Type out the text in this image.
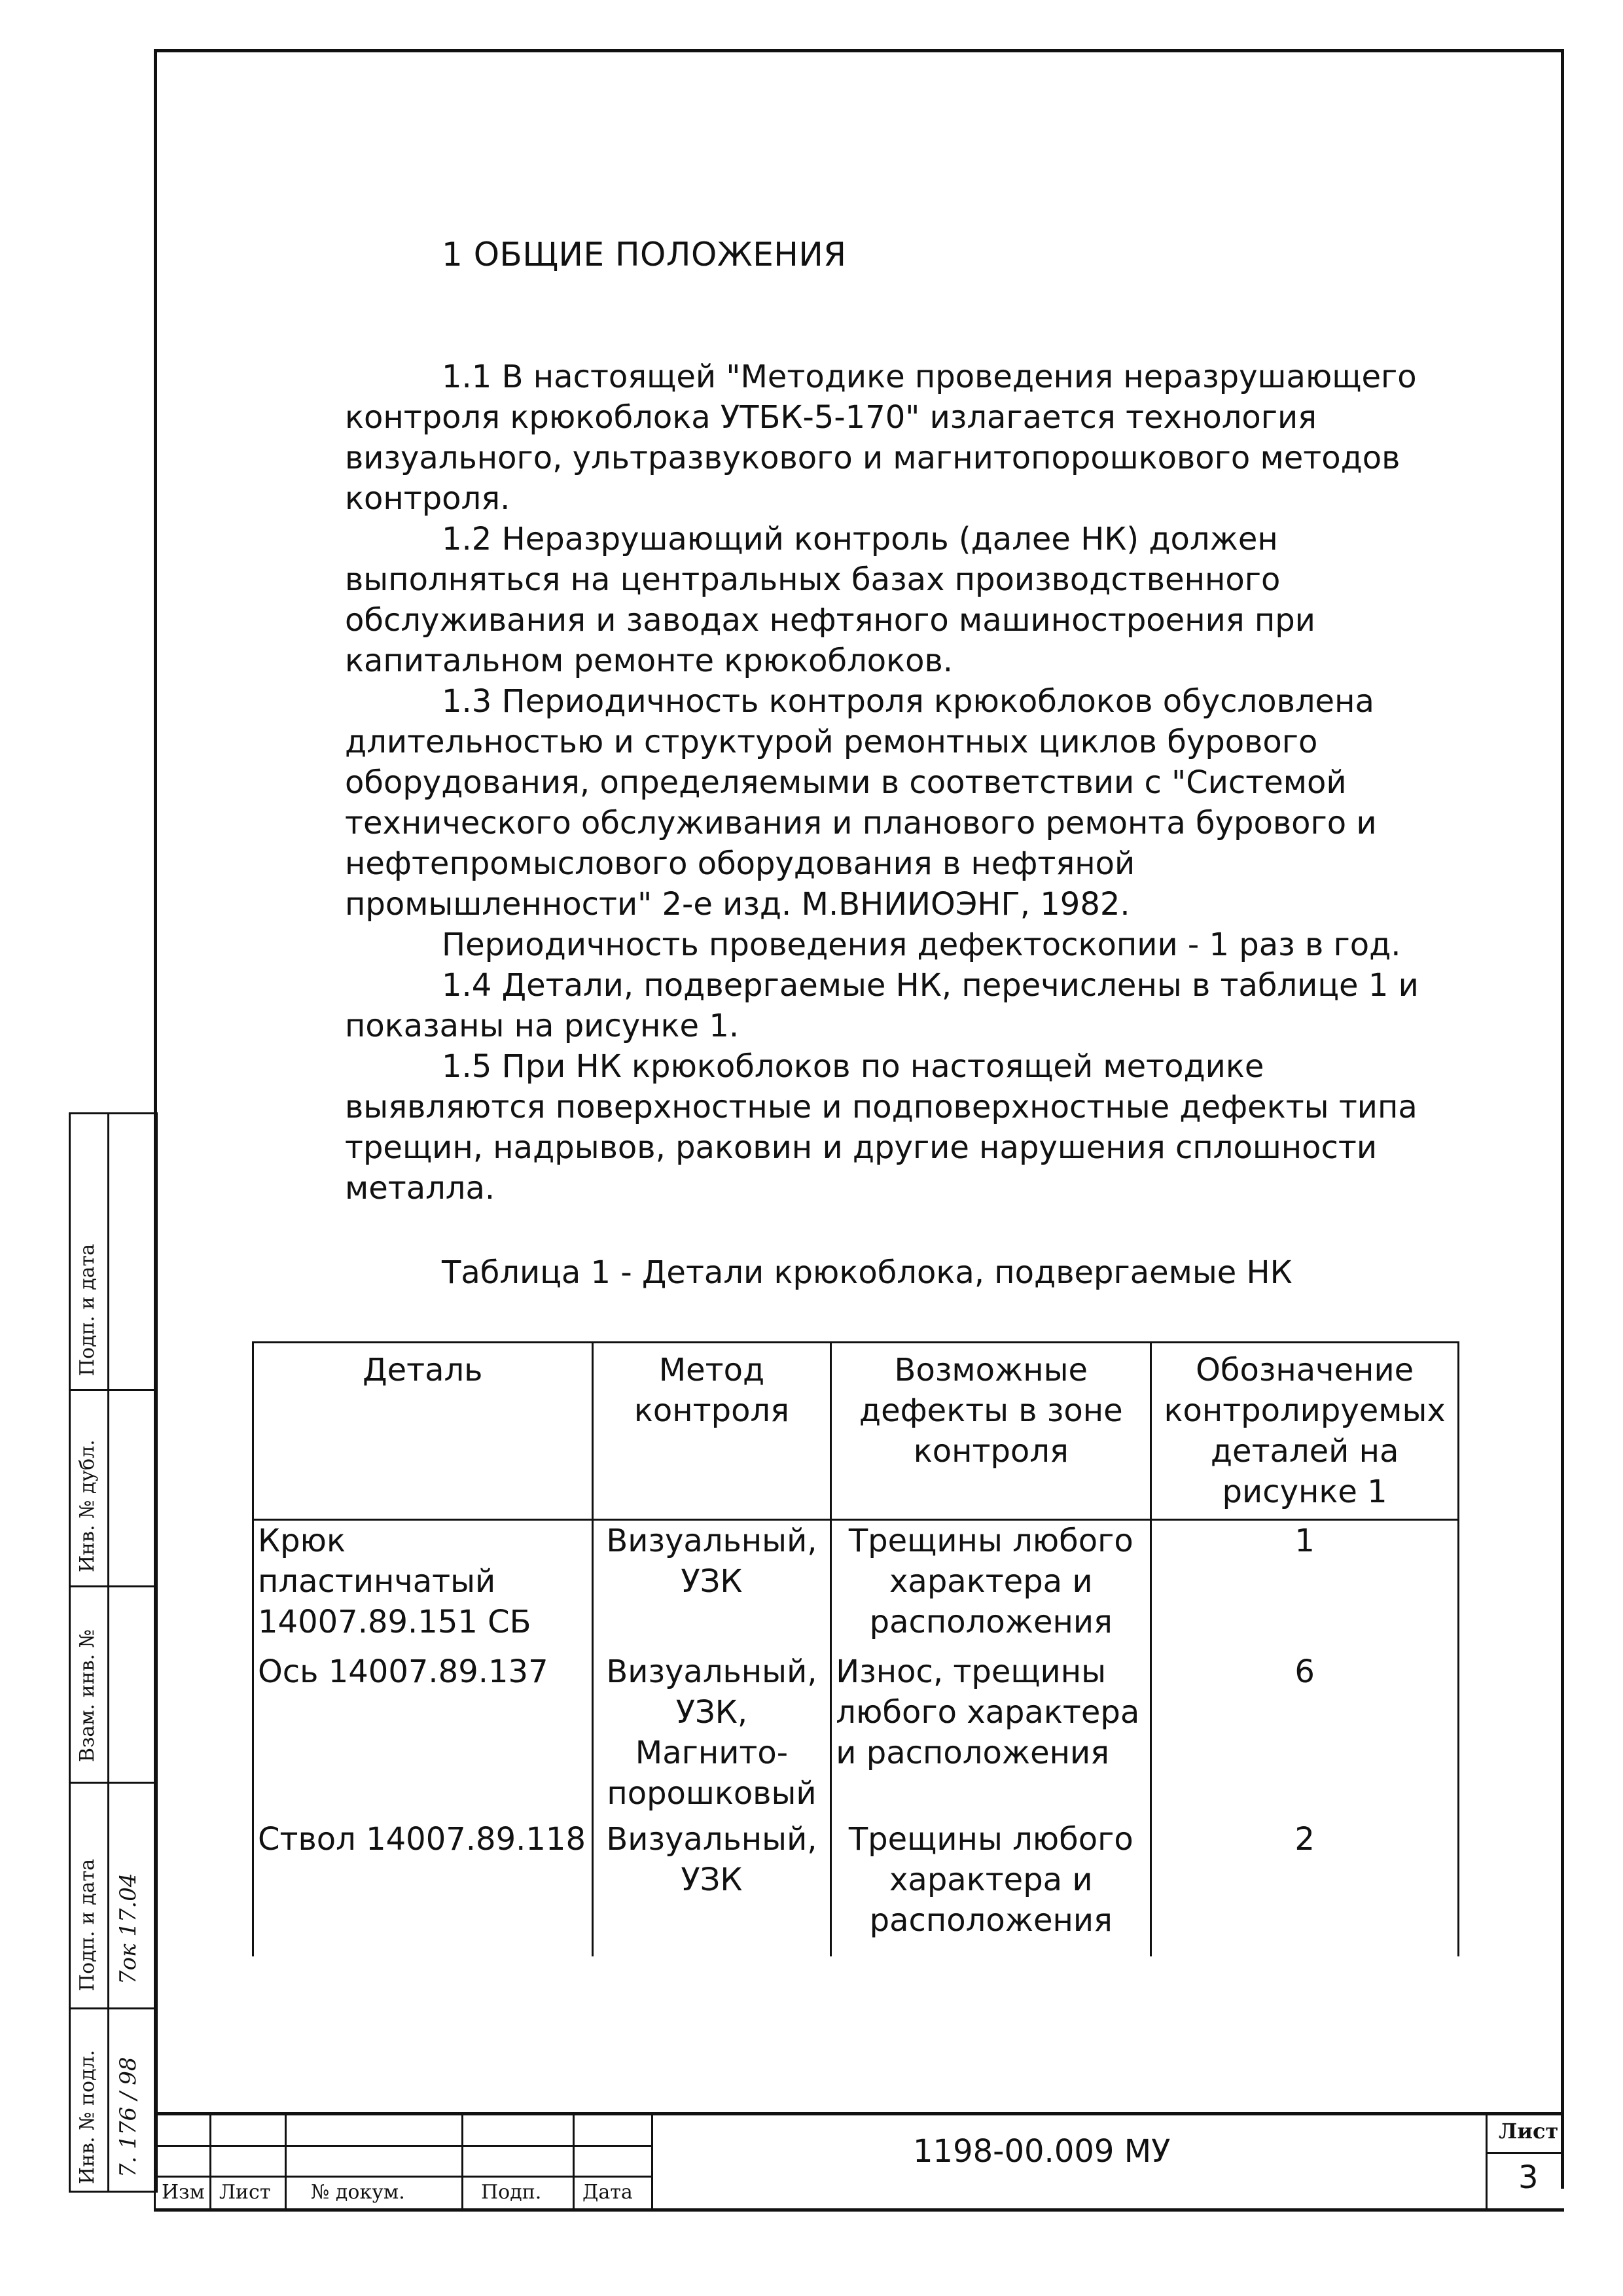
1 ОБЩИЕ ПОЛОЖЕНИЯ

1.1 В настоящей "Методике проведения неразрушающего контроля крюкоблока УТБК-5-170" излагается технология визуального, ультразвукового и магнитопорошкового методов контроля.

1.2 Неразрушающий контроль (далее НК) должен выполняться на центральных базах производственного обслуживания и заводах нефтяного машиностроения при капитальном ремонте крюкоблоков.

1.3 Периодичность контроля крюкоблоков обусловлена длительностью и структурой ремонтных циклов бурового оборудования, определяемыми в соответствии с "Системой технического обслуживания и планового ремонта бурового и нефтепромыслового оборудования в нефтяной промышленности" 2-е изд. М.ВНИИОЭНГ, 1982.

Периодичность проведения дефектоскопии - 1 раз в год.

1.4 Детали, подвергаемые НК, перечислены в таблице 1 и показаны на рисунке 1.

1.5 При НК крюкоблоков по настоящей методике выявляются поверхностные и подповерхностные дефекты типа трещин, надрывов, раковин и другие нарушения сплошности металла.

Таблица 1 - Детали крюкоблока, подвергаемые НК
Деталь	Метод контроля	Возможные дефекты в зоне контроля	Обозначение контролируемых деталей на рисунке 1
Крюк пластинчатый 14007.89.151 СБ	Визуальный, УЗК	Трещины любого характера и расположения	1
Ось 14007.89.137	Визуальный, УЗК, Магнито-порошковый	Износ, трещины любого характера и расположения	6
Ствол 14007.89.118	Визуальный, УЗК	Трещины любого характера и расположения	2
Подп. и дата
Инв. № дубл.
Взам. инв. №
Подп. и дата
Инв. № подл. 7. 176 / 98
7ок 17.04
Изм Лист № докум.	Подп. Дата
1198-00.009 МУ
Лист
3
